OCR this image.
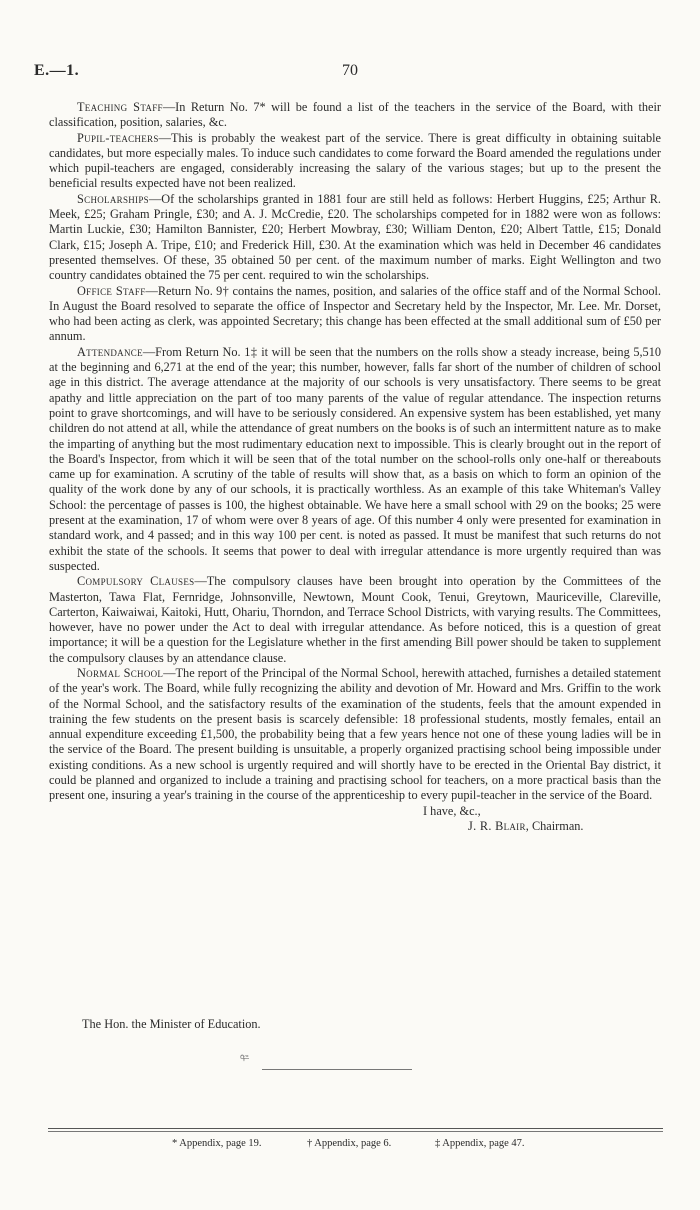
E.—1.	70

Teaching Staff—In Return No. 7* will be found a list of the teachers in the service of the Board, with their classification, position, salaries, &c.

Pupil-teachers—This is probably the weakest part of the service. There is great difficulty in obtaining suitable candidates, but more especially males. To induce such candidates to come forward the Board amended the regulations under which pupil-teachers are engaged, considerably increasing the salary of the various stages; but up to the present the beneficial results expected have not been realized.

Scholarships—Of the scholarships granted in 1881 four are still held as follows: Herbert Huggins, £25; Arthur R. Meek, £25; Graham Pringle, £30; and A. J. McCredie, £20. The scholarships competed for in 1882 were won as follows: Martin Luckie, £30; Hamilton Bannister, £20; Herbert Mowbray, £30; William Denton, £20; Albert Tattle, £15; Donald Clark, £15; Joseph A. Tripe, £10; and Frederick Hill, £30. At the examination which was held in December 46 candidates presented themselves. Of these, 35 obtained 50 per cent. of the maximum number of marks. Eight Wellington and two country candidates obtained the 75 per cent. required to win the scholarships.

Office Staff—Return No. 9† contains the names, position, and salaries of the office staff and of the Normal School. In August the Board resolved to separate the office of Inspector and Secretary held by the Inspector, Mr. Lee. Mr. Dorset, who had been acting as clerk, was appointed Secretary; this change has been effected at the small additional sum of £50 per annum.

Attendance—From Return No. 1‡ it will be seen that the numbers on the rolls show a steady increase, being 5,510 at the beginning and 6,271 at the end of the year; this number, however, falls far short of the number of children of school age in this district. The average attendance at the majority of our schools is very unsatisfactory. There seems to be great apathy and little appreciation on the part of too many parents of the value of regular attendance. The inspection returns point to grave shortcomings, and will have to be seriously considered. An expensive system has been established, yet many children do not attend at all, while the attendance of great numbers on the books is of such an intermittent nature as to make the imparting of anything but the most rudimentary education next to impossible. This is clearly brought out in the report of the Board's Inspector, from which it will be seen that of the total number on the school-rolls only one-half or thereabouts came up for examination. A scrutiny of the table of results will show that, as a basis on which to form an opinion of the quality of the work done by any of our schools, it is practically worthless. As an example of this take Whiteman's Valley School: the percentage of passes is 100, the highest obtainable. We have here a small school with 29 on the books; 25 were present at the examination, 17 of whom were over 8 years of age. Of this number 4 only were presented for examination in standard work, and 4 passed; and in this way 100 per cent. is noted as passed. It must be manifest that such returns do not exhibit the state of the schools. It seems that power to deal with irregular attendance is more urgently required than was suspected.

Compulsory Clauses—The compulsory clauses have been brought into operation by the Committees of the Masterton, Tawa Flat, Fernridge, Johnsonville, Newtown, Mount Cook, Tenui, Greytown, Mauriceville, Clareville, Carterton, Kaiwaiwai, Kaitoki, Hutt, Ohariu, Thorndon, and Terrace School Districts, with varying results. The Committees, however, have no power under the Act to deal with irregular attendance. As before noticed, this is a question of great importance; it will be a question for the Legislature whether in the first amending Bill power should be taken to supplement the compulsory clauses by an attendance clause.

Normal School—The report of the Principal of the Normal School, herewith attached, furnishes a detailed statement of the year's work. The Board, while fully recognizing the ability and devotion of Mr. Howard and Mrs. Griffin to the work of the Normal School, and the satisfactory results of the examination of the students, feels that the amount expended in training the few students on the present basis is scarcely defensible: 18 professional students, mostly females, entail an annual expenditure exceeding £1,500, the probability being that a few years hence not one of these young ladies will be in the service of the Board. The present building is unsuitable, a properly organized practising school being impossible under existing conditions. As a new school is urgently required and will shortly have to be erected in the Oriental Bay district, it could be planned and organized to include a training and practising school for teachers, on a more practical basis than the present one, insuring a year's training in the course of the apprenticeship to every pupil-teacher in the service of the Board.

I have, &c.,
J. R. Blair, Chairman.
The Hon. the Minister of Education.
ᢡ
* Appendix, page 19.	† Appendix, page 6.	‡ Appendix, page 47.
